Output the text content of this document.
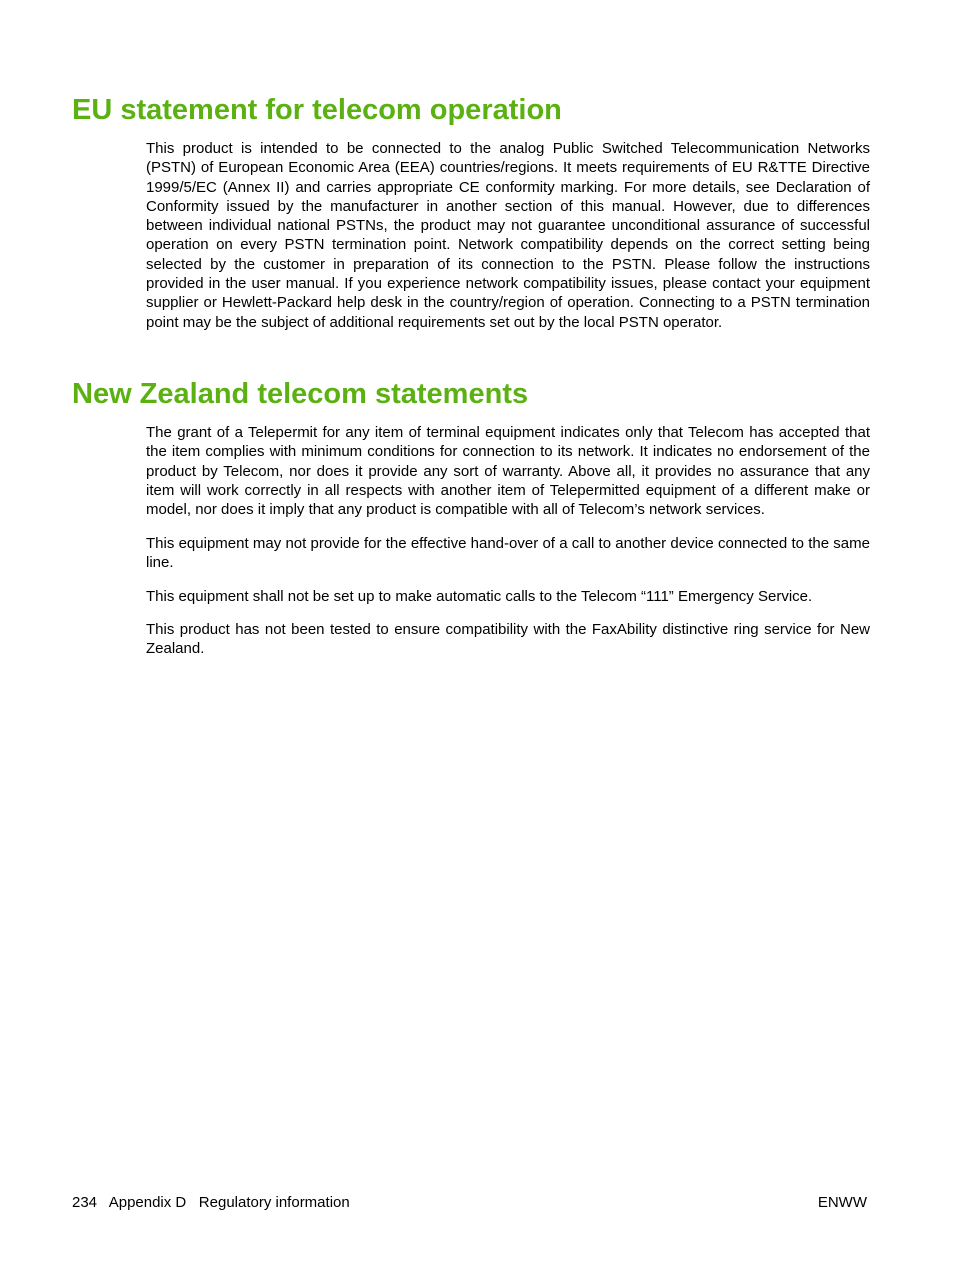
EU statement for telecom operation

This product is intended to be connected to the analog Public Switched Telecommunication Networks (PSTN) of European Economic Area (EEA) countries/regions. It meets requirements of EU R&TTE Directive 1999/5/EC (Annex II) and carries appropriate CE conformity marking. For more details, see Declaration of Conformity issued by the manufacturer in another section of this manual. However, due to differences between individual national PSTNs, the product may not guarantee unconditional assurance of successful operation on every PSTN termination point. Network compatibility depends on the correct setting being selected by the customer in preparation of its connection to the PSTN. Please follow the instructions provided in the user manual. If you experience network compatibility issues, please contact your equipment supplier or Hewlett-Packard help desk in the country/region of operation. Connecting to a PSTN termination point may be the subject of additional requirements set out by the local PSTN operator.

New Zealand telecom statements

The grant of a Telepermit for any item of terminal equipment indicates only that Telecom has accepted that the item complies with minimum conditions for connection to its network. It indicates no endorsement of the product by Telecom, nor does it provide any sort of warranty. Above all, it provides no assurance that any item will work correctly in all respects with another item of Telepermitted equipment of a different make or model, nor does it imply that any product is compatible with all of Telecom’s network services.

This equipment may not provide for the effective hand-over of a call to another device connected to the same line.

This equipment shall not be set up to make automatic calls to the Telecom “111” Emergency Service.

This product has not been tested to ensure compatibility with the FaxAbility distinctive ring service for New Zealand.

234 Appendix D Regulatory information	ENWW
